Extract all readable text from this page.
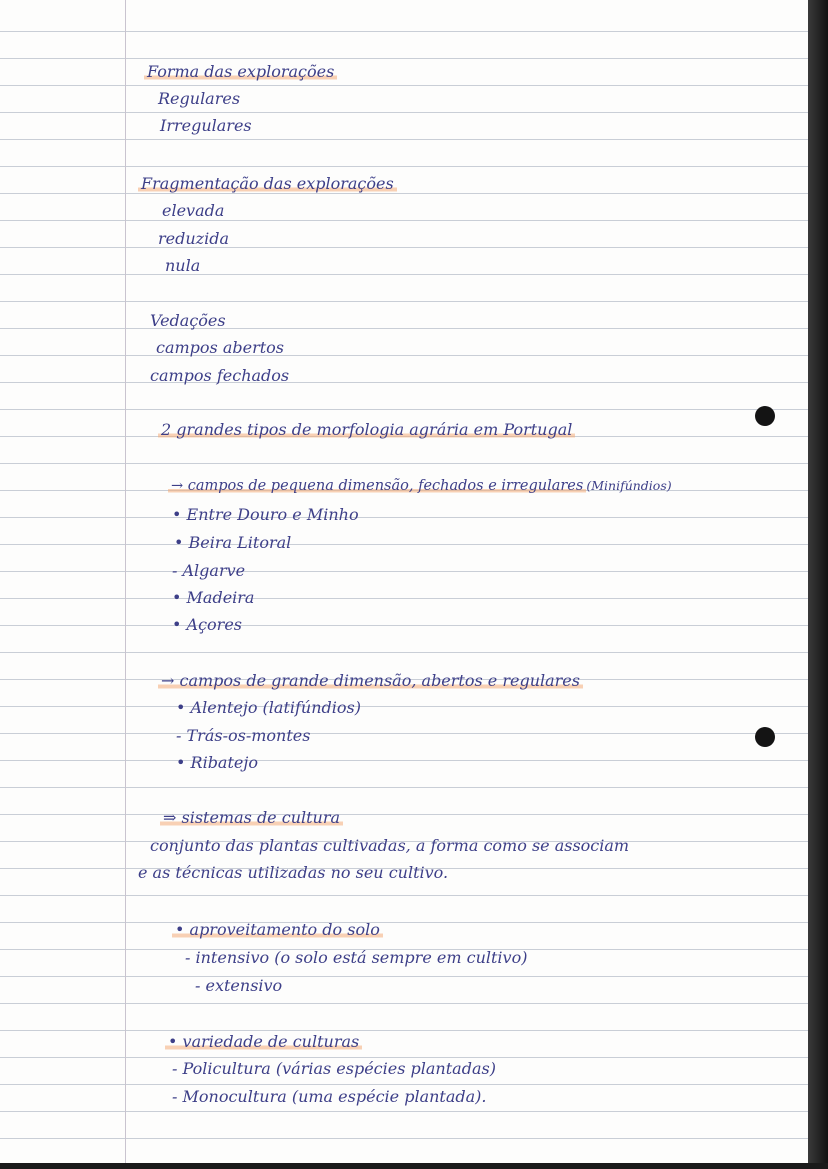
Forma das explorações
Regulares
Irregulares
Fragmentação das explorações
elevada
reduzida
nula
Vedações
campos abertos
campos fechados
2 grandes tipos de morfologia agrária em Portugal
→ campos de pequena dimensão, fechados e irregulares (Minifúndios)
• Entre Douro e Minho
• Beira Litoral
- Algarve
• Madeira
• Açores
→ campos de grande dimensão, abertos e regulares
• Alentejo (latifúndios)
- Trás-os-montes
• Ribatejo
⇒ sistemas de cultura
conjunto das plantas cultivadas, a forma como se associam
e as técnicas utilizadas no seu cultivo.
• aproveitamento do solo
- intensivo (o solo está sempre em cultivo)
- extensivo
• variedade de culturas
- Policultura (várias espécies plantadas)
- Monocultura (uma espécie plantada).
